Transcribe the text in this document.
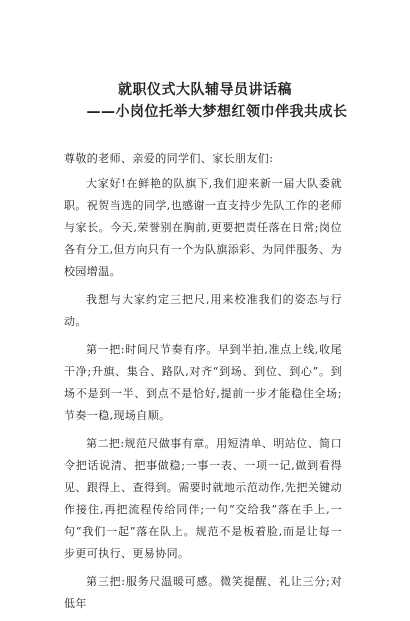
就职仪式大队辅导员讲话稿
——小岗位托举大梦想红领巾伴我共成长

尊敬的老师、亲爱的同学们、家长朋友们:

大家好!在鲜艳的队旗下,我们迎来新一届大队委就职。祝贺当选的同学,也感谢一直支持少先队工作的老师与家长。今天,荣誉别在胸前,更要把责任落在日常;岗位各有分工,但方向只有一个为队旗添彩、为同伴服务、为校园增温。

我想与大家约定三把尺,用来校准我们的姿态与行动。

第一把:时间尺节奏有序。早到半拍,准点上线,收尾干净;升旗、集合、路队,对齐“到场、到位、到心”。到场不是到一半、到点不是恰好,提前一步才能稳住全场;节奏一稳,现场自顺。

第二把:规范尺做事有章。用短清单、明站位、简口令把话说清、把事做稳;一事一表、一项一记,做到看得见、跟得上、查得到。需要时就地示范动作,先把关键动作接住,再把流程传给同伴;一句“交给我”落在手上,一句“我们一起”落在队上。规范不是板着脸,而是让每一步更可执行、更易协同。

第三把:服务尺温暖可感。微笑提醒、礼让三分;对低年
